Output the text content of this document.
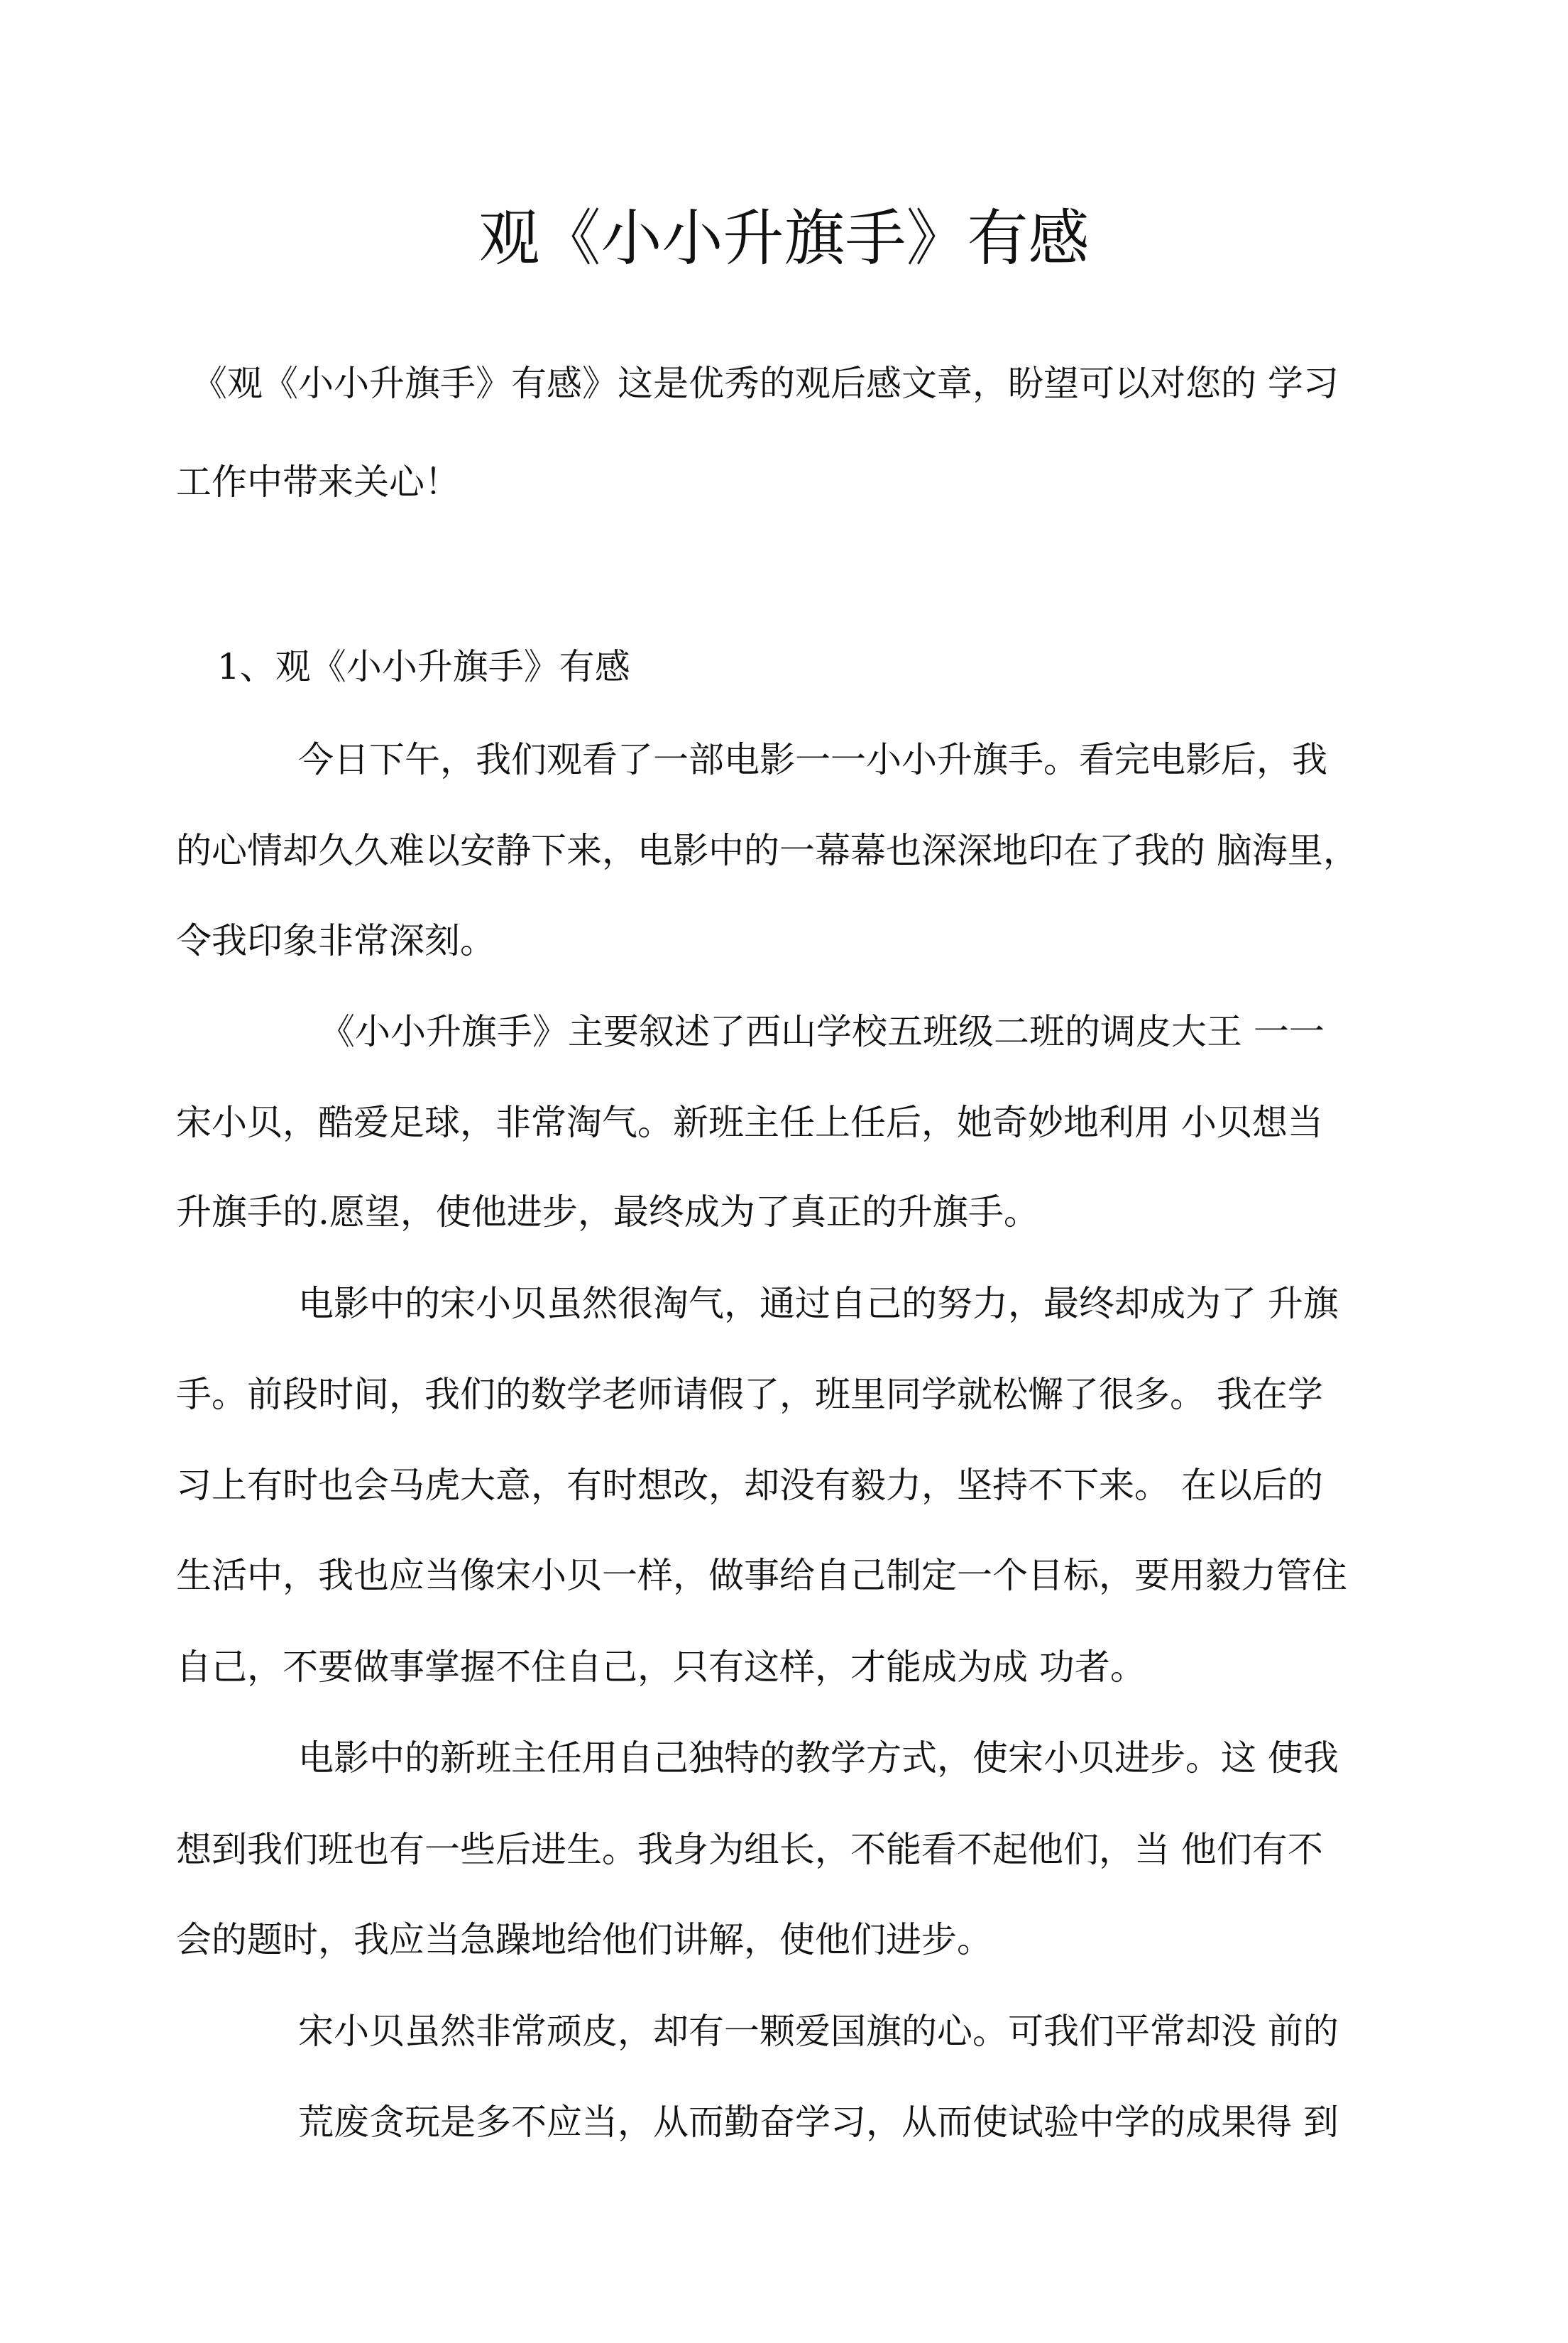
观《小小升旗手》有感

《观《小小升旗手》有感》这是优秀的观后感文章，盼望可以对您的 学习

工作中带来关心！

1、观《小小升旗手》有感

今日下午，我们观看了一部电影一一小小升旗手。看完电影后，我

的心情却久久难以安静下来，电影中的一幕幕也深深地印在了我的 脑海里，

令我印象非常深刻。

《小小升旗手》主要叙述了西山学校五班级二班的调皮大王 一一

宋小贝，酷爱足球，非常淘气。新班主任上任后，她奇妙地利用 小贝想当

升旗手的.愿望，使他进步，最终成为了真正的升旗手。

电影中的宋小贝虽然很淘气，通过自己的努力，最终却成为了 升旗

手。前段时间，我们的数学老师请假了，班里同学就松懈了很多。 我在学

习上有时也会马虎大意，有时想改，却没有毅力，坚持不下来。 在以后的

生活中，我也应当像宋小贝一样，做事给自己制定一个目标，要用毅力管住

自己，不要做事掌握不住自己，只有这样，才能成为成 功者。

电影中的新班主任用自己独特的教学方式，使宋小贝进步。这 使我

想到我们班也有一些后进生。我身为组长，不能看不起他们，当 他们有不

会的题时，我应当急躁地给他们讲解，使他们进步。

宋小贝虽然非常顽皮，却有一颗爱国旗的心。可我们平常却没 前的

荒废贪玩是多不应当，从而勤奋学习，从而使试验中学的成果得 到
